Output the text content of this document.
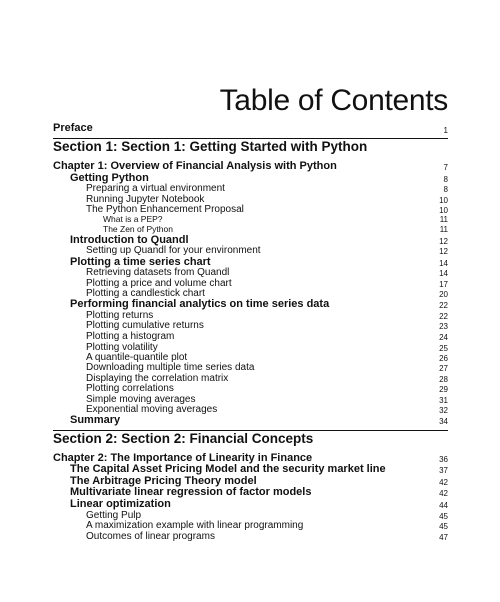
Table of Contents
Preface	1
Section 1: Section 1: Getting Started with Python
Chapter 1: Overview of Financial Analysis with Python	7
Getting Python	8
Preparing a virtual environment	8
Running Jupyter Notebook	10
The Python Enhancement Proposal	10
What is a PEP?	11
The Zen of Python	11
Introduction to Quandl	12
Setting up Quandl for your environment	12
Plotting a time series chart	14
Retrieving datasets from Quandl	14
Plotting a price and volume chart	17
Plotting a candlestick chart	20
Performing financial analytics on time series data	22
Plotting returns	22
Plotting cumulative returns	23
Plotting a histogram	24
Plotting volatility	25
A quantile-quantile plot	26
Downloading multiple time series data	27
Displaying the correlation matrix	28
Plotting correlations	29
Simple moving averages	31
Exponential moving averages	32
Summary	34
Section 2: Section 2: Financial Concepts
Chapter 2: The Importance of Linearity in Finance	36
The Capital Asset Pricing Model and the security market line	37
The Arbitrage Pricing Theory model	42
Multivariate linear regression of factor models	42
Linear optimization	44
Getting Pulp	45
A maximization example with linear programming	45
Outcomes of linear programs	47
